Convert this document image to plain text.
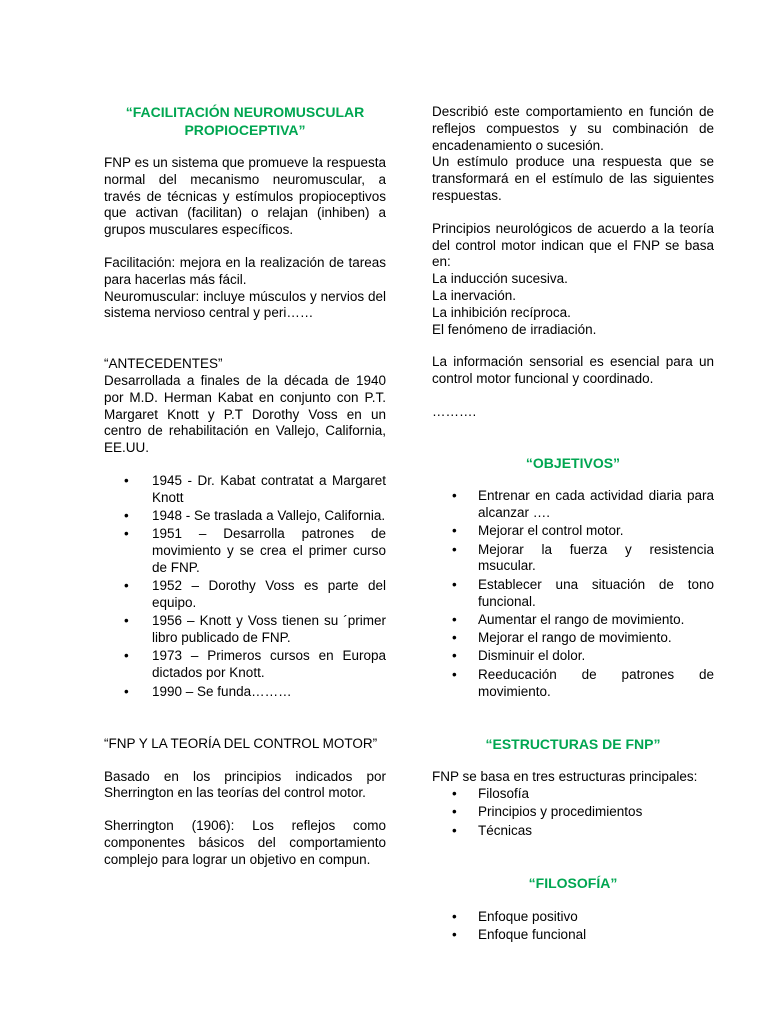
“FACILITACIÓN NEUROMUSCULAR PROPIOCEPTIVA”

FNP es un sistema que promueve la respuesta normal del mecanismo neuromuscular, a través de técnicas y estímulos propioceptivos que activan (facilitan) o relajan (inhiben) a grupos musculares específicos.

Facilitación: mejora en la realización de tareas para hacerlas más fácil.

Neuromuscular: incluye músculos y nervios del sistema nervioso central y peri……

“ANTECEDENTES”

Desarrollada a finales de la década de 1940 por M.D. Herman Kabat en conjunto con P.T. Margaret Knott y P.T Dorothy Voss en un centro de rehabilitación en Vallejo, California, EE.UU.

• 1945 - Dr. Kabat contratat a Margaret Knott
• 1948 - Se traslada a Vallejo, California.
• 1951 – Desarrolla patrones de movimiento y se crea el primer curso de FNP.
• 1952 – Dorothy Voss es parte del equipo.
• 1956 – Knott y Voss tienen su ´primer libro publicado de FNP.
• 1973 – Primeros cursos en Europa dictados por Knott.
• 1990 – Se funda………

“FNP Y LA TEORÍA DEL CONTROL MOTOR”

Basado en los principios indicados por Sherrington en las teorías del control motor.

Sherrington (1906): Los reflejos como componentes básicos del comportamiento complejo para lograr un objetivo en compun.

Describió este comportamiento en función de reflejos compuestos y su combinación de encadenamiento o sucesión.

Un estímulo produce una respuesta que se transformará en el estímulo de las siguientes respuestas.

Principios neurológicos de acuerdo a la teoría del control motor indican que el FNP se basa en:

La inducción sucesiva.
La inervación.
La inhibición recíproca.
El fenómeno de irradiación.

La información sensorial es esencial para un control motor funcional y coordinado.

……….

“OBJETIVOS”
• Entrenar en cada actividad diaria para alcanzar ….
• Mejorar el control motor.
• Mejorar la fuerza y resistencia msucular.
• Establecer una situación de tono funcional.
• Aumentar el rango de movimiento.
• Mejorar el rango de movimiento.
• Disminuir el dolor.
• Reeducación de patrones de movimiento.
“ESTRUCTURAS DE FNP”

FNP se basa en tres estructuras principales:

• Filosofía
• Principios y procedimientos
• Técnicas
“FILOSOFÍA”
• Enfoque positivo
• Enfoque funcional
